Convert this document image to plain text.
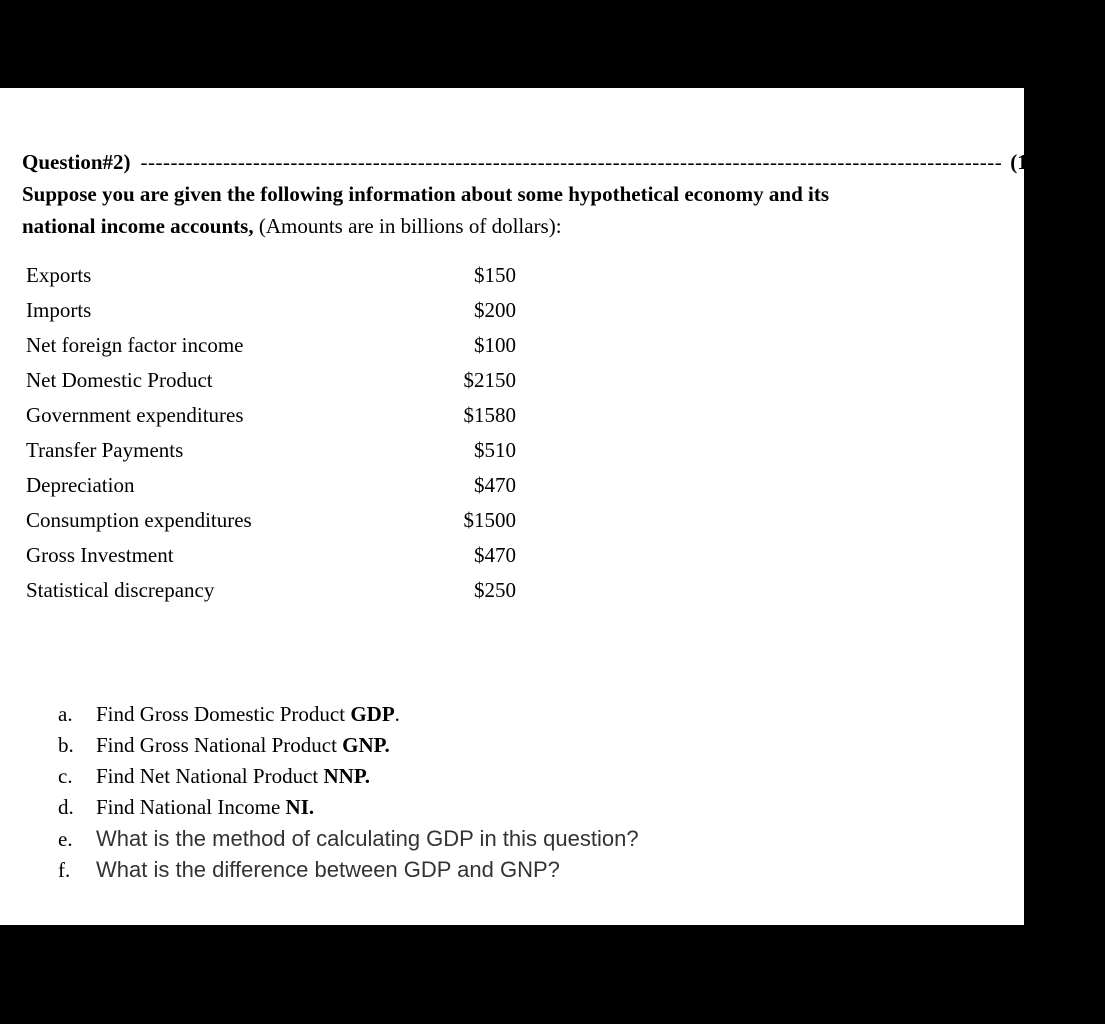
Question#2) ------------------------------------------------------------------------------------------------------------------- (10 points)
Suppose you are given the following information about some hypothetical economy and its
national income accounts, (Amounts are in billions of dollars):
Exports	$150
Imports	$200
Net foreign factor income	$100
Net Domestic Product	$2150
Government expenditures	$1580
Transfer Payments	$510
Depreciation	$470
Consumption expenditures	$1500
Gross Investment	$470
Statistical discrepancy	$250
a.	Find Gross Domestic Product GDP.
b.	Find Gross National Product GNP.
c.	Find Net National Product NNP.
d.	Find National Income NI.
e.	What is the method of calculating GDP in this question?
f.	What is the difference between GDP and GNP?
